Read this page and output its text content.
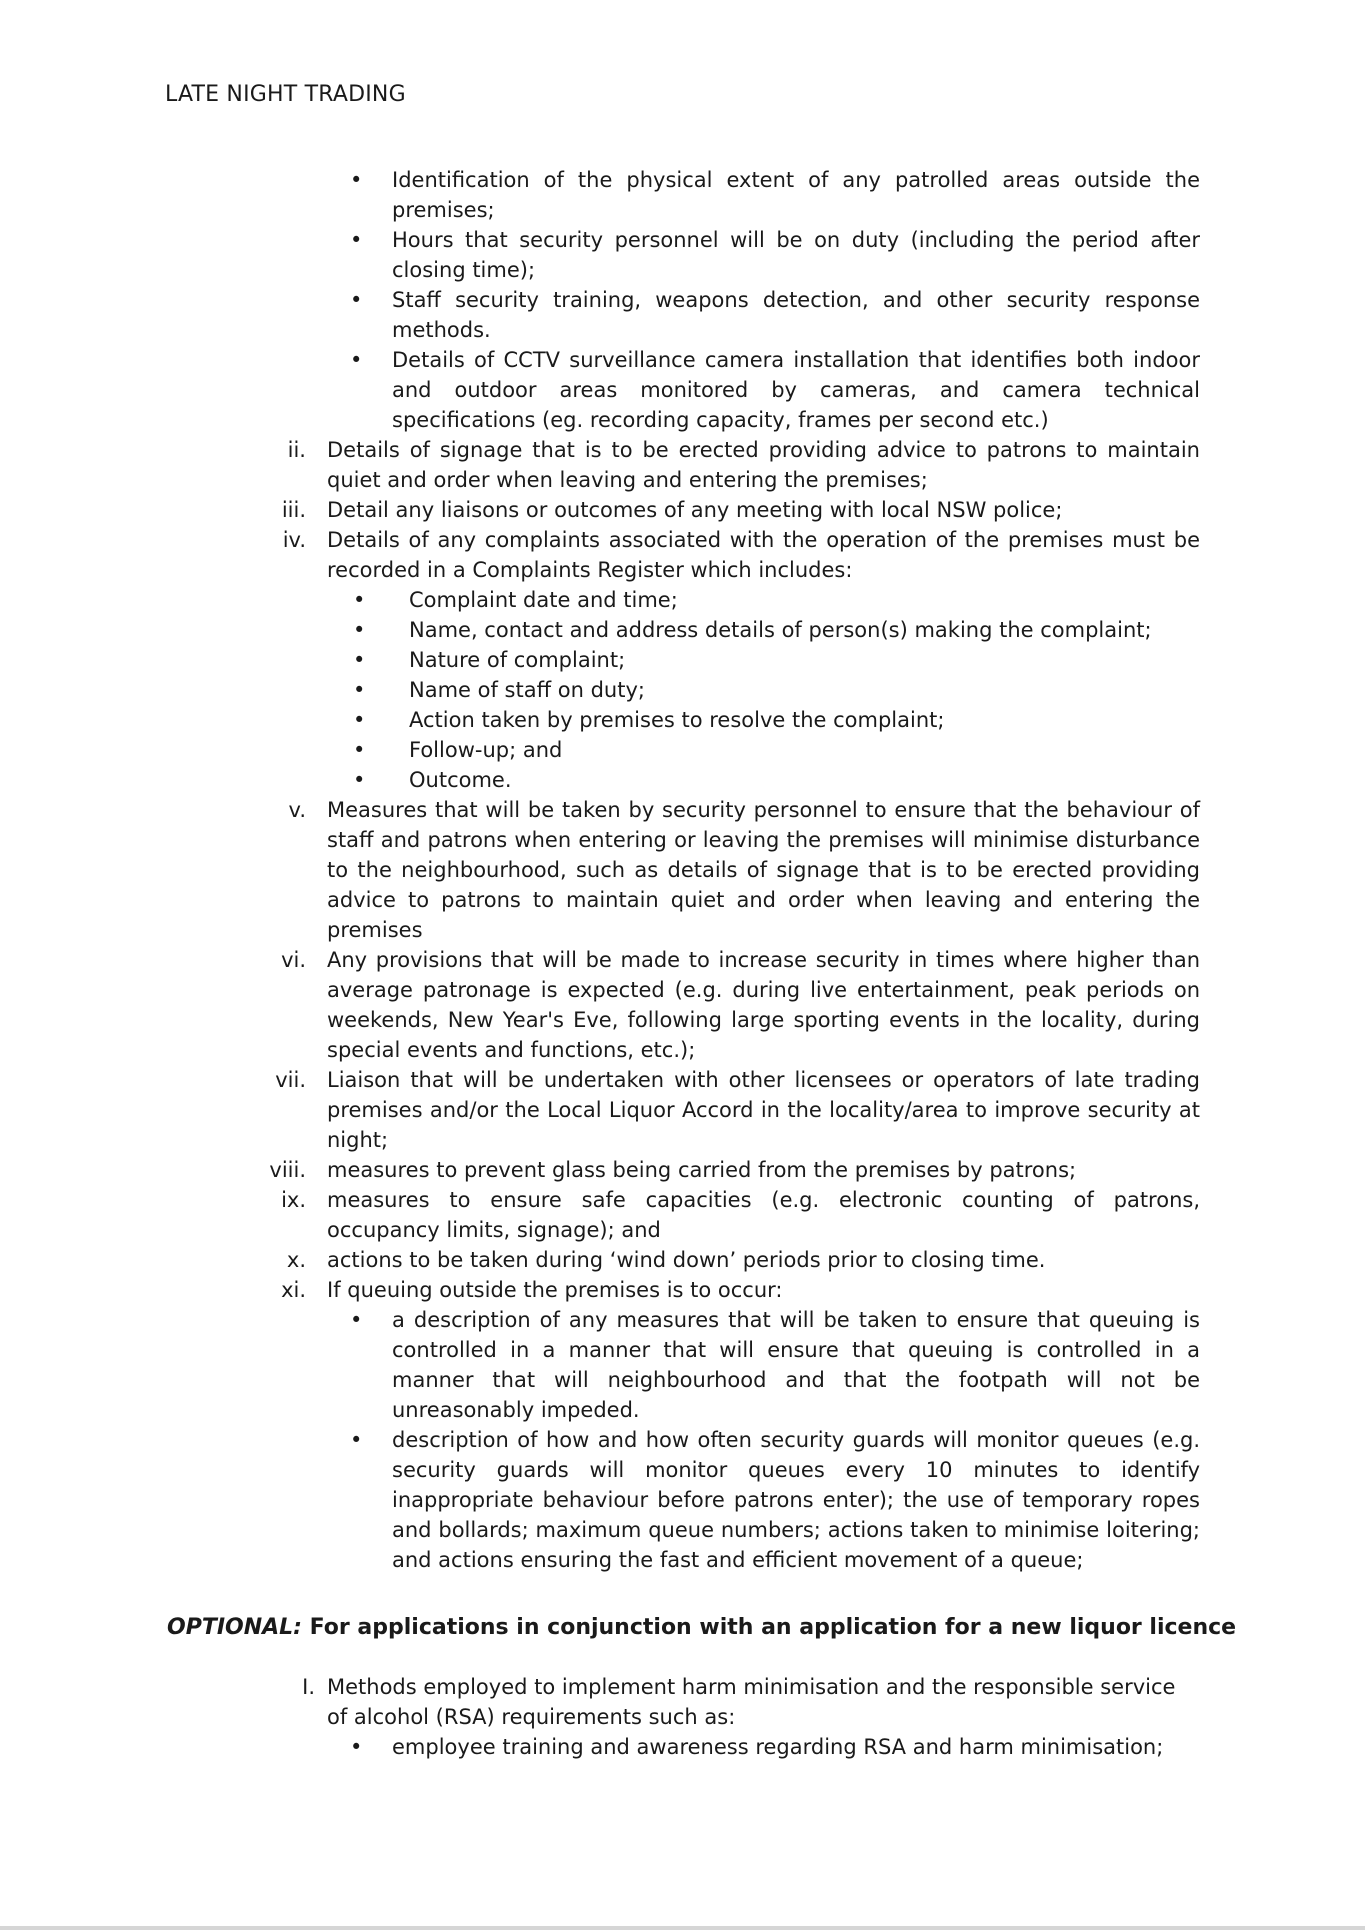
LATE NIGHT TRADING
• Identification of the physical extent of any patrolled areas outside the premises;
• Hours that security personnel will be on duty (including the period after closing time);
• Staff security training, weapons detection, and other security response methods.
• Details of CCTV surveillance camera installation that identifies both indoor and outdoor areas monitored by cameras, and camera technical specifications (eg. recording capacity, frames per second etc.)
ii. Details of signage that is to be erected providing advice to patrons to maintain quiet and order when leaving and entering the premises;
iii. Detail any liaisons or outcomes of any meeting with local NSW police;
iv. Details of any complaints associated with the operation of the premises must be recorded in a Complaints Register which includes:
• Complaint date and time;
• Name, contact and address details of person(s) making the complaint;
• Nature of complaint;
• Name of staff on duty;
• Action taken by premises to resolve the complaint;
• Follow-up; and
• Outcome.
v. Measures that will be taken by security personnel to ensure that the behaviour of staff and patrons when entering or leaving the premises will minimise disturbance to the neighbourhood, such as details of signage that is to be erected providing advice to patrons to maintain quiet and order when leaving and entering the premises
vi. Any provisions that will be made to increase security in times where higher than average patronage is expected (e.g. during live entertainment, peak periods on weekends, New Year's Eve, following large sporting events in the locality, during special events and functions, etc.);
vii. Liaison that will be undertaken with other licensees or operators of late trading premises and/or the Local Liquor Accord in the locality/area to improve security at night;
viii. measures to prevent glass being carried from the premises by patrons;
ix. measures to ensure safe capacities (e.g. electronic counting of patrons, occupancy limits, signage); and
x. actions to be taken during ‘wind down’ periods prior to closing time.
xi. If queuing outside the premises is to occur:
• a description of any measures that will be taken to ensure that queuing is controlled in a manner that will ensure that queuing is controlled in a manner that will neighbourhood and that the footpath will not be unreasonably impeded.
• description of how and how often security guards will monitor queues (e.g. security guards will monitor queues every 10 minutes to identify inappropriate behaviour before patrons enter); the use of temporary ropes and bollards; maximum queue numbers; actions taken to minimise loitering; and actions ensuring the fast and efficient movement of a queue;
OPTIONAL: For applications in conjunction with an application for a new liquor licence
I. Methods employed to implement harm minimisation and the responsible service of alcohol (RSA) requirements such as:
• employee training and awareness regarding RSA and harm minimisation;
